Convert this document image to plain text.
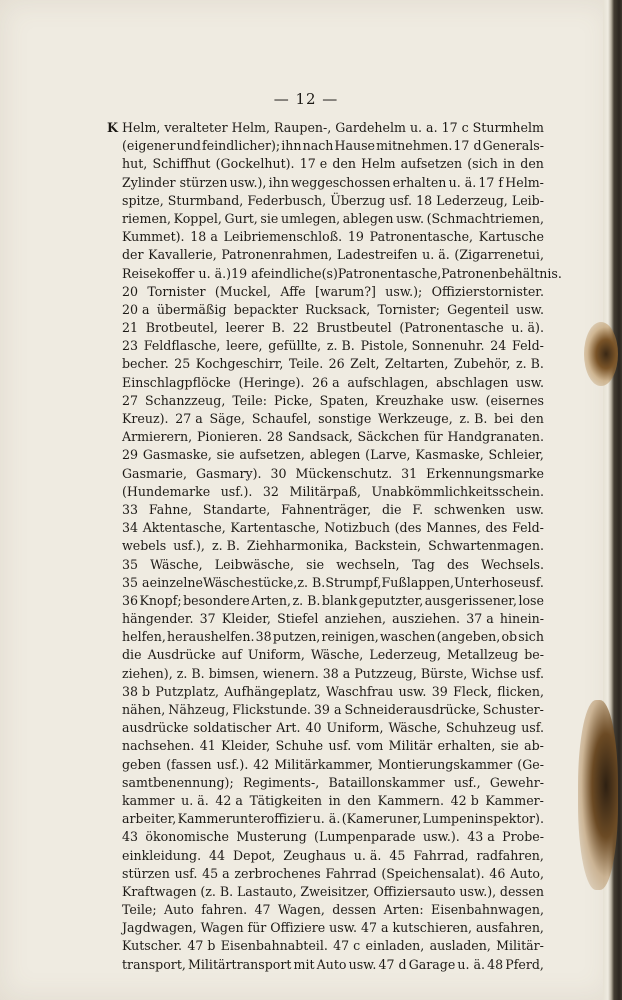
— 12 —
K Helm, veralteter Helm, Raupen-, Gardehelm u. a. 17 c Sturmhelm
(eigener und feindlicher); ihn nach Hause mitnehmen. 17 d Generals-
hut, Schiffhut (Gockelhut). 17 e den Helm aufsetzen (sich in den
Zylinder stürzen usw.), ihn weggeschossen erhalten u. ä. 17 f Helm-
spitze, Sturmband, Federbusch, Überzug usf. 18 Lederzeug, Leib-
riemen, Koppel, Gurt, sie umlegen, ablegen usw. (Schmachtriemen,
Kummet). 18 a Leibriemenschloß. 19 Patronentasche, Kartusche
der Kavallerie, Patronenrahmen, Ladestreifen u. ä. (Zigarrenetui,
Reisekoffer u. ä.) 19 a feindliche(s) Patronentasche, Patronenbehältnis.
20 Tornister (Muckel, Affe [warum?] usw.); Offizierstornister.
20 a übermäßig bepackter Rucksack, Tornister; Gegenteil usw.
21 Brotbeutel, leerer B. 22 Brustbeutel (Patronentasche u. ä).
23 Feldflasche, leere, gefüllte, z. B. Pistole, Sonnenuhr. 24 Feld-
becher. 25 Kochgeschirr, Teile. 26 Zelt, Zeltarten, Zubehör, z. B.
Einschlagpflöcke (Heringe). 26 a aufschlagen, abschlagen usw.
27 Schanzzeug, Teile: Picke, Spaten, Kreuzhake usw. (eisernes
Kreuz). 27 a Säge, Schaufel, sonstige Werkzeuge, z. B. bei den
Armierern, Pionieren. 28 Sandsack, Säckchen für Handgranaten.
29 Gasmaske, sie aufsetzen, ablegen (Larve, Kasmaske, Schleier,
Gasmarie, Gasmary). 30 Mückenschutz. 31 Erkennungsmarke
(Hundemarke usf.). 32 Militärpaß, Unabkömmlichkeitsschein.
33 Fahne, Standarte, Fahnenträger, die F. schwenken usw.
34 Aktentasche, Kartentasche, Notizbuch (des Mannes, des Feld-
webels usf.), z. B. Ziehharmonika, Backstein, Schwartenmagen.
35 Wäsche, Leibwäsche, sie wechseln, Tag des Wechsels.
35 a einzelne Wäschestücke, z. B. Strumpf, Fußlappen, Unterhose usf.
36 Knopf; besondere Arten, z. B. blank geputzter, ausgerissener, lose
hängender. 37 Kleider, Stiefel anziehen, ausziehen. 37 a hinein-
helfen, heraushelfen. 38 putzen, reinigen, waschen (angeben, ob sich
die Ausdrücke auf Uniform, Wäsche, Lederzeug, Metallzeug be-
ziehen), z. B. bimsen, wienern. 38 a Putzzeug, Bürste, Wichse usf.
38 b Putzplatz, Aufhängeplatz, Waschfrau usw. 39 Fleck, flicken,
nähen, Nähzeug, Flickstunde. 39 a Schneiderausdrücke, Schuster-
ausdrücke soldatischer Art. 40 Uniform, Wäsche, Schuhzeug usf.
nachsehen. 41 Kleider, Schuhe usf. vom Militär erhalten, sie ab-
geben (fassen usf.). 42 Militärkammer, Montierungskammer (Ge-
samtbenennung); Regiments-, Bataillonskammer usf., Gewehr-
kammer u. ä. 42 a Tätigkeiten in den Kammern. 42 b Kammer-
arbeiter, Kammerunteroffizier u. ä. (Kameruner, Lumpeninspektor).
43 ökonomische Musterung (Lumpenparade usw.). 43 a Probe-
einkleidung. 44 Depot, Zeughaus u. ä. 45 Fahrrad, radfahren,
stürzen usf. 45 a zerbrochenes Fahrrad (Speichensalat). 46 Auto,
Kraftwagen (z. B. Lastauto, Zweisitzer, Offiziersauto usw.), dessen
Teile; Auto fahren. 47 Wagen, dessen Arten: Eisenbahnwagen,
Jagdwagen, Wagen für Offiziere usw. 47 a kutschieren, ausfahren,
Kutscher. 47 b Eisenbahnabteil. 47 c einladen, ausladen, Militär-
transport, Militärtransport mit Auto usw. 47 d Garage u. ä. 48 Pferd,
